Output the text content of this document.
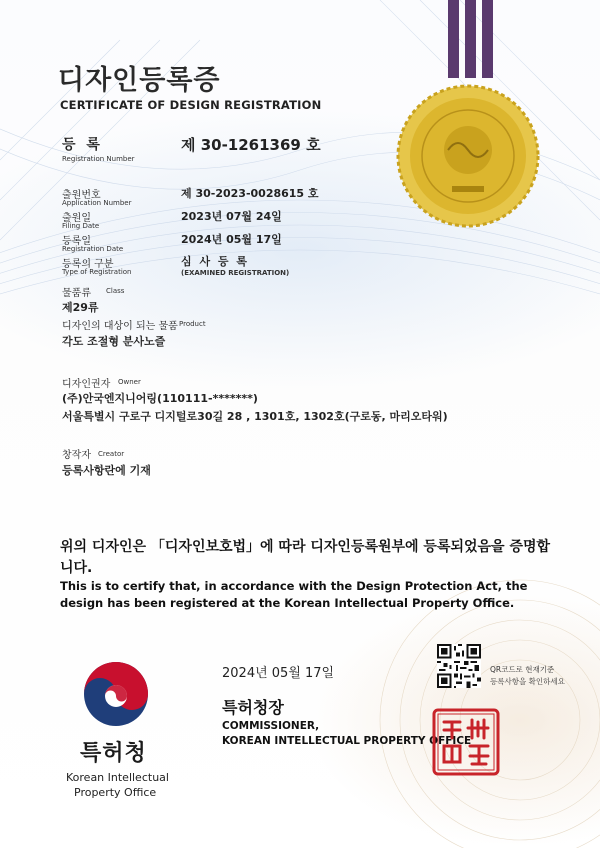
디자인등록증
CERTIFICATE OF DESIGN REGISTRATION
등 록
Registration Number
제 30-1261369 호
출원번호
Application Number
제 30-2023-0028615 호
출원일
Filing Date
2023년 07월 24일
등록일
Registration Date
2024년 05월 17일
등록의 구분
Type of Registration
심 사 등 록
(EXAMINED REGISTRATION)
물품류 Class
제29류
디자인의 대상이 되는 물품 Product
각도 조절형 분사노즐
디자인권자 Owner
(주)안국엔지니어링(110111-*******)
서울특별시 구로구 디지털로30길 28 , 1301호, 1302호(구로동, 마리오타워)
창작자 Creator
등록사항란에 기재
위의 디자인은 「디자인보호법」에 따라 디자인등록원부에 등록되었음을 증명합니다.
This is to certify that, in accordance with the Design Protection Act, the design has been registered at the Korean Intellectual Property Office.
2024년 05월 17일
특허청장
COMMISSIONER,
KOREAN INTELLECTUAL PROPERTY OFFICE
QR코드로 현재기준
등록사항을 확인하세요
특허청
Korean Intellectual
Property Office
